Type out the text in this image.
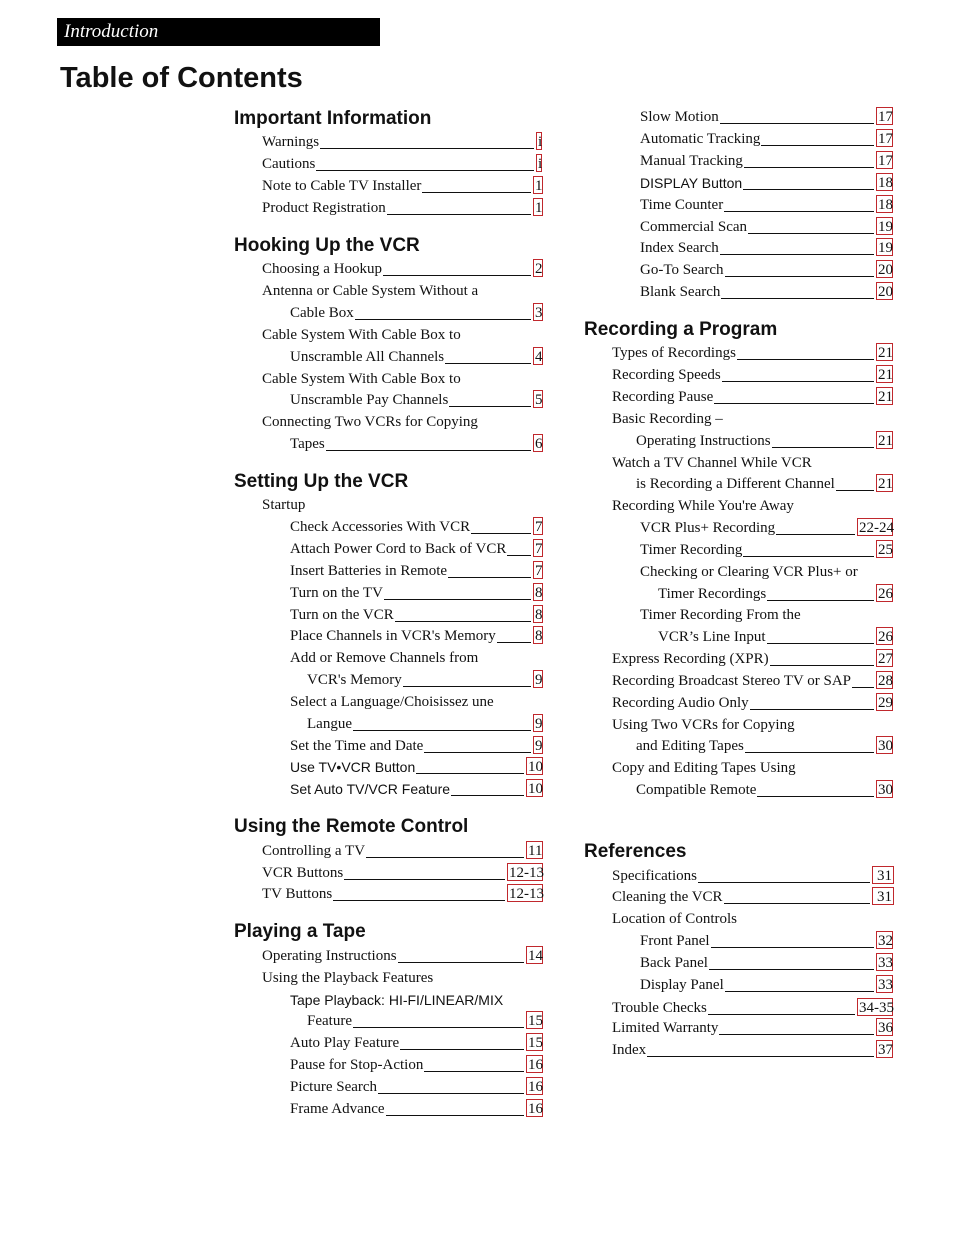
Introduction
Table of Contents
Important Information
Hooking Up the VCR
Setting Up the VCR
Using the Remote Control
Playing a Tape
Recording a Program
References
Warnings	i
Cautions	i
Note to Cable TV Installer	1
Product Registration	1
Choosing a Hookup	2
Antenna or Cable System Without a
Cable Box	3
Cable System With Cable Box to
Unscramble All Channels	4
Cable System With Cable Box to
Unscramble Pay Channels	5
Connecting Two VCRs for Copying
Tapes	6
Startup
Check Accessories With VCR	7
Attach Power Cord to Back of VCR 7
Insert Batteries in Remote	7
Turn on the TV	8
Turn on the VCR	8
Place Channels in VCR's Memory	8
Add or Remove Channels from
VCR's Memory	9
Select a Language/Choisissez une
Langue	9
Set the Time and Date	9
Use TV•VCR Button	10
Set Auto TV/VCR Feature	10
Controlling a TV	11
VCR Buttons	12-13
TV Buttons	12-13
Operating Instructions	14
Using the Playback Features
Tape Playback: HI-FI/LINEAR/MIX
Feature	15
Auto Play Feature	15
Pause for Stop-Action	16
Picture Search	16
Frame Advance	16
Slow Motion	17
Automatic Tracking	17
Manual Tracking	17
DISPLAY Button	18
Time Counter	18
Commercial Scan	19
Index Search	19
Go-To Search	20
Blank Search	20
Types of Recordings	21
Recording Speeds	21
Recording Pause	21
Basic Recording –
Operating Instructions	21
Watch a TV Channel While VCR
is Recording a Different Channel	21
Recording While You're Away
VCR Plus+ Recording	22-24
Timer Recording	25
Checking or Clearing VCR Plus+ or
Timer Recordings	26
Timer Recording From the
VCR’s Line Input	26
Express Recording (XPR)	27
Recording Broadcast Stereo TV or SAP 28
Recording Audio Only	29
Using Two VCRs for Copying
and Editing Tapes	30
Copy and Editing Tapes Using
Compatible Remote	30
Specifications	31
Cleaning the VCR	31
Location of Controls
Front Panel	32
Back Panel	33
Display Panel	33
Trouble Checks	34-35
Limited Warranty	36
Index	37
